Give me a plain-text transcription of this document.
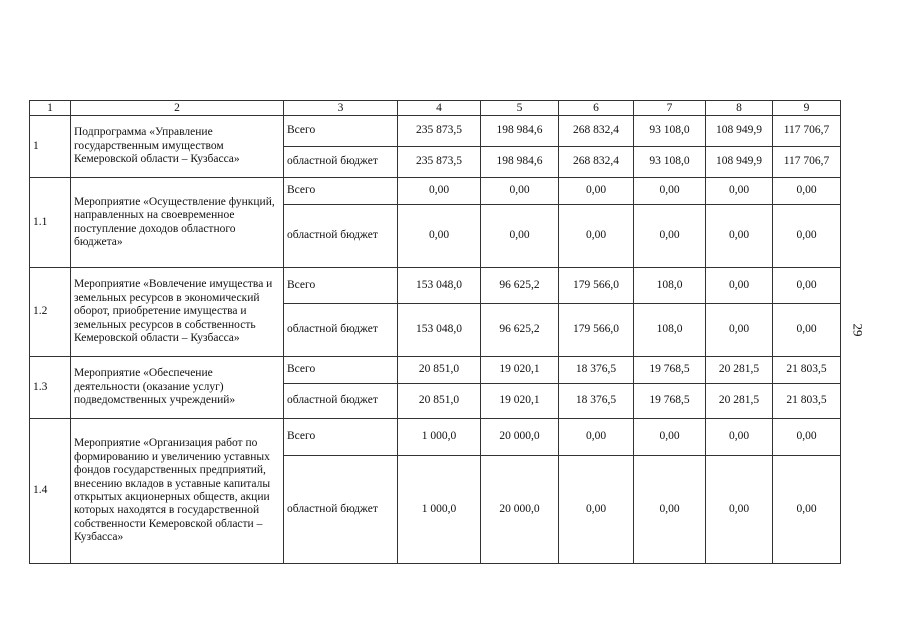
1	2	3	4	5	6	7	8	9
1	Подпрограмма «Управление государственным имуществом Кемеровской области – Кузбасса»	Всего	235 873,5	198 984,6	268 832,4	93 108,0	108 949,9	117 706,7
		областной бюджет	235 873,5	198 984,6	268 832,4	93 108,0	108 949,9	117 706,7
1.1	Мероприятие «Осуществление функций, направленных на своевременное поступление доходов областного бюджета»	Всего	0,00	0,00	0,00	0,00	0,00	0,00
		областной бюджет	0,00	0,00	0,00	0,00	0,00	0,00
1.2	Мероприятие «Вовлечение имущества и земельных ресурсов в экономический оборот, приобретение имущества и земельных ресурсов в собственность Кемеровской области – Кузбасса»	Всего	153 048,0	96 625,2	179 566,0	108,0	0,00	0,00
		областной бюджет	153 048,0	96 625,2	179 566,0	108,0	0,00	0,00
1.3	Мероприятие «Обеспечение деятельности (оказание услуг) подведомственных учреждений»	Всего	20 851,0	19 020,1	18 376,5	19 768,5	20 281,5	21 803,5
		областной бюджет	20 851,0	19 020,1	18 376,5	19 768,5	20 281,5	21 803,5
1.4	Мероприятие «Организация работ по формированию и увеличению уставных фондов государственных предприятий, внесению вкладов в уставные капиталы открытых акционерных обществ, акции которых находятся в государственной собственности Кемеровской области – Кузбасса»	Всего	1 000,0	20 000,0	0,00	0,00	0,00	0,00
		областной бюджет	1 000,0	20 000,0	0,00	0,00	0,00	0,00
29
